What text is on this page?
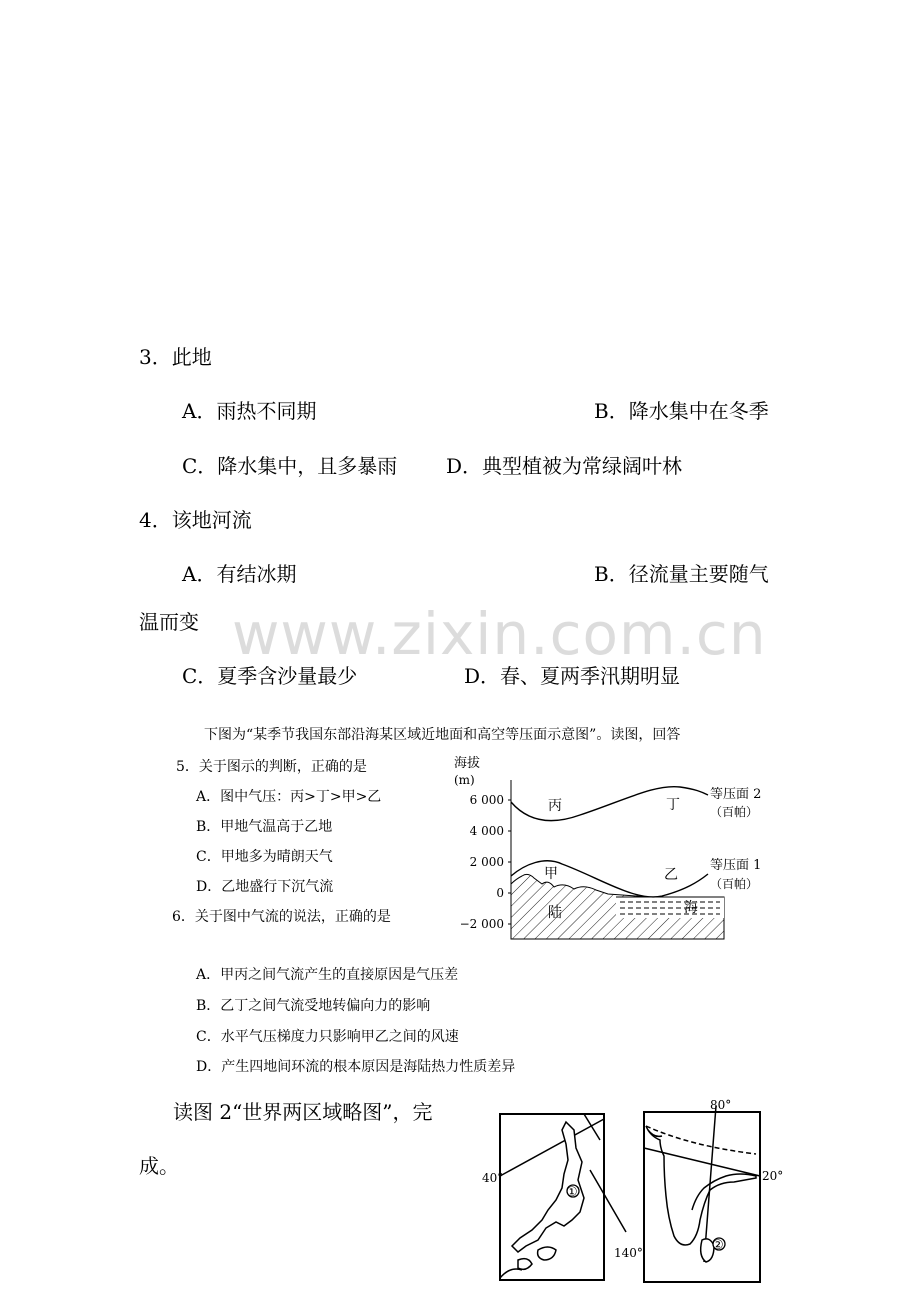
www.zixin.com.cn
3．此地
A．雨热不同期	B．降水集中在冬季
C．降水集中，且多暴雨 D．典型植被为常绿阔叶林
4．该地河流
A．有结冰期	B．径流量主要随气
温而变
C．夏季含沙量最少	D．春、夏两季汛期明显
下图为“某季节我国东部沿海某区域近地面和高空等压面示意图”。读图，回答
5．关于图示的判断，正确的是
A．图中气压：丙>丁>甲>乙
B．甲地气温高于乙地
C．甲地多为晴朗天气
D．乙地盛行下沉气流
6．关于图中气流的说法，正确的是
A．甲丙之间气流产生的直接原因是气压差
B．乙丁之间气流受地转偏向力的影响
C．水平气压梯度力只影响甲乙之间的风速
D．产生四地间环流的根本原因是海陆热力性质差异
海拔
(m)
6 000
4 000
2 000
0
−2 000
丙	丁
甲	乙
陆	海
等压面 2
（百帕）
等压面 1
（百帕）
读图 2“世界两区域略图”，完
成。
①
40°
140°	②
80°
20°
